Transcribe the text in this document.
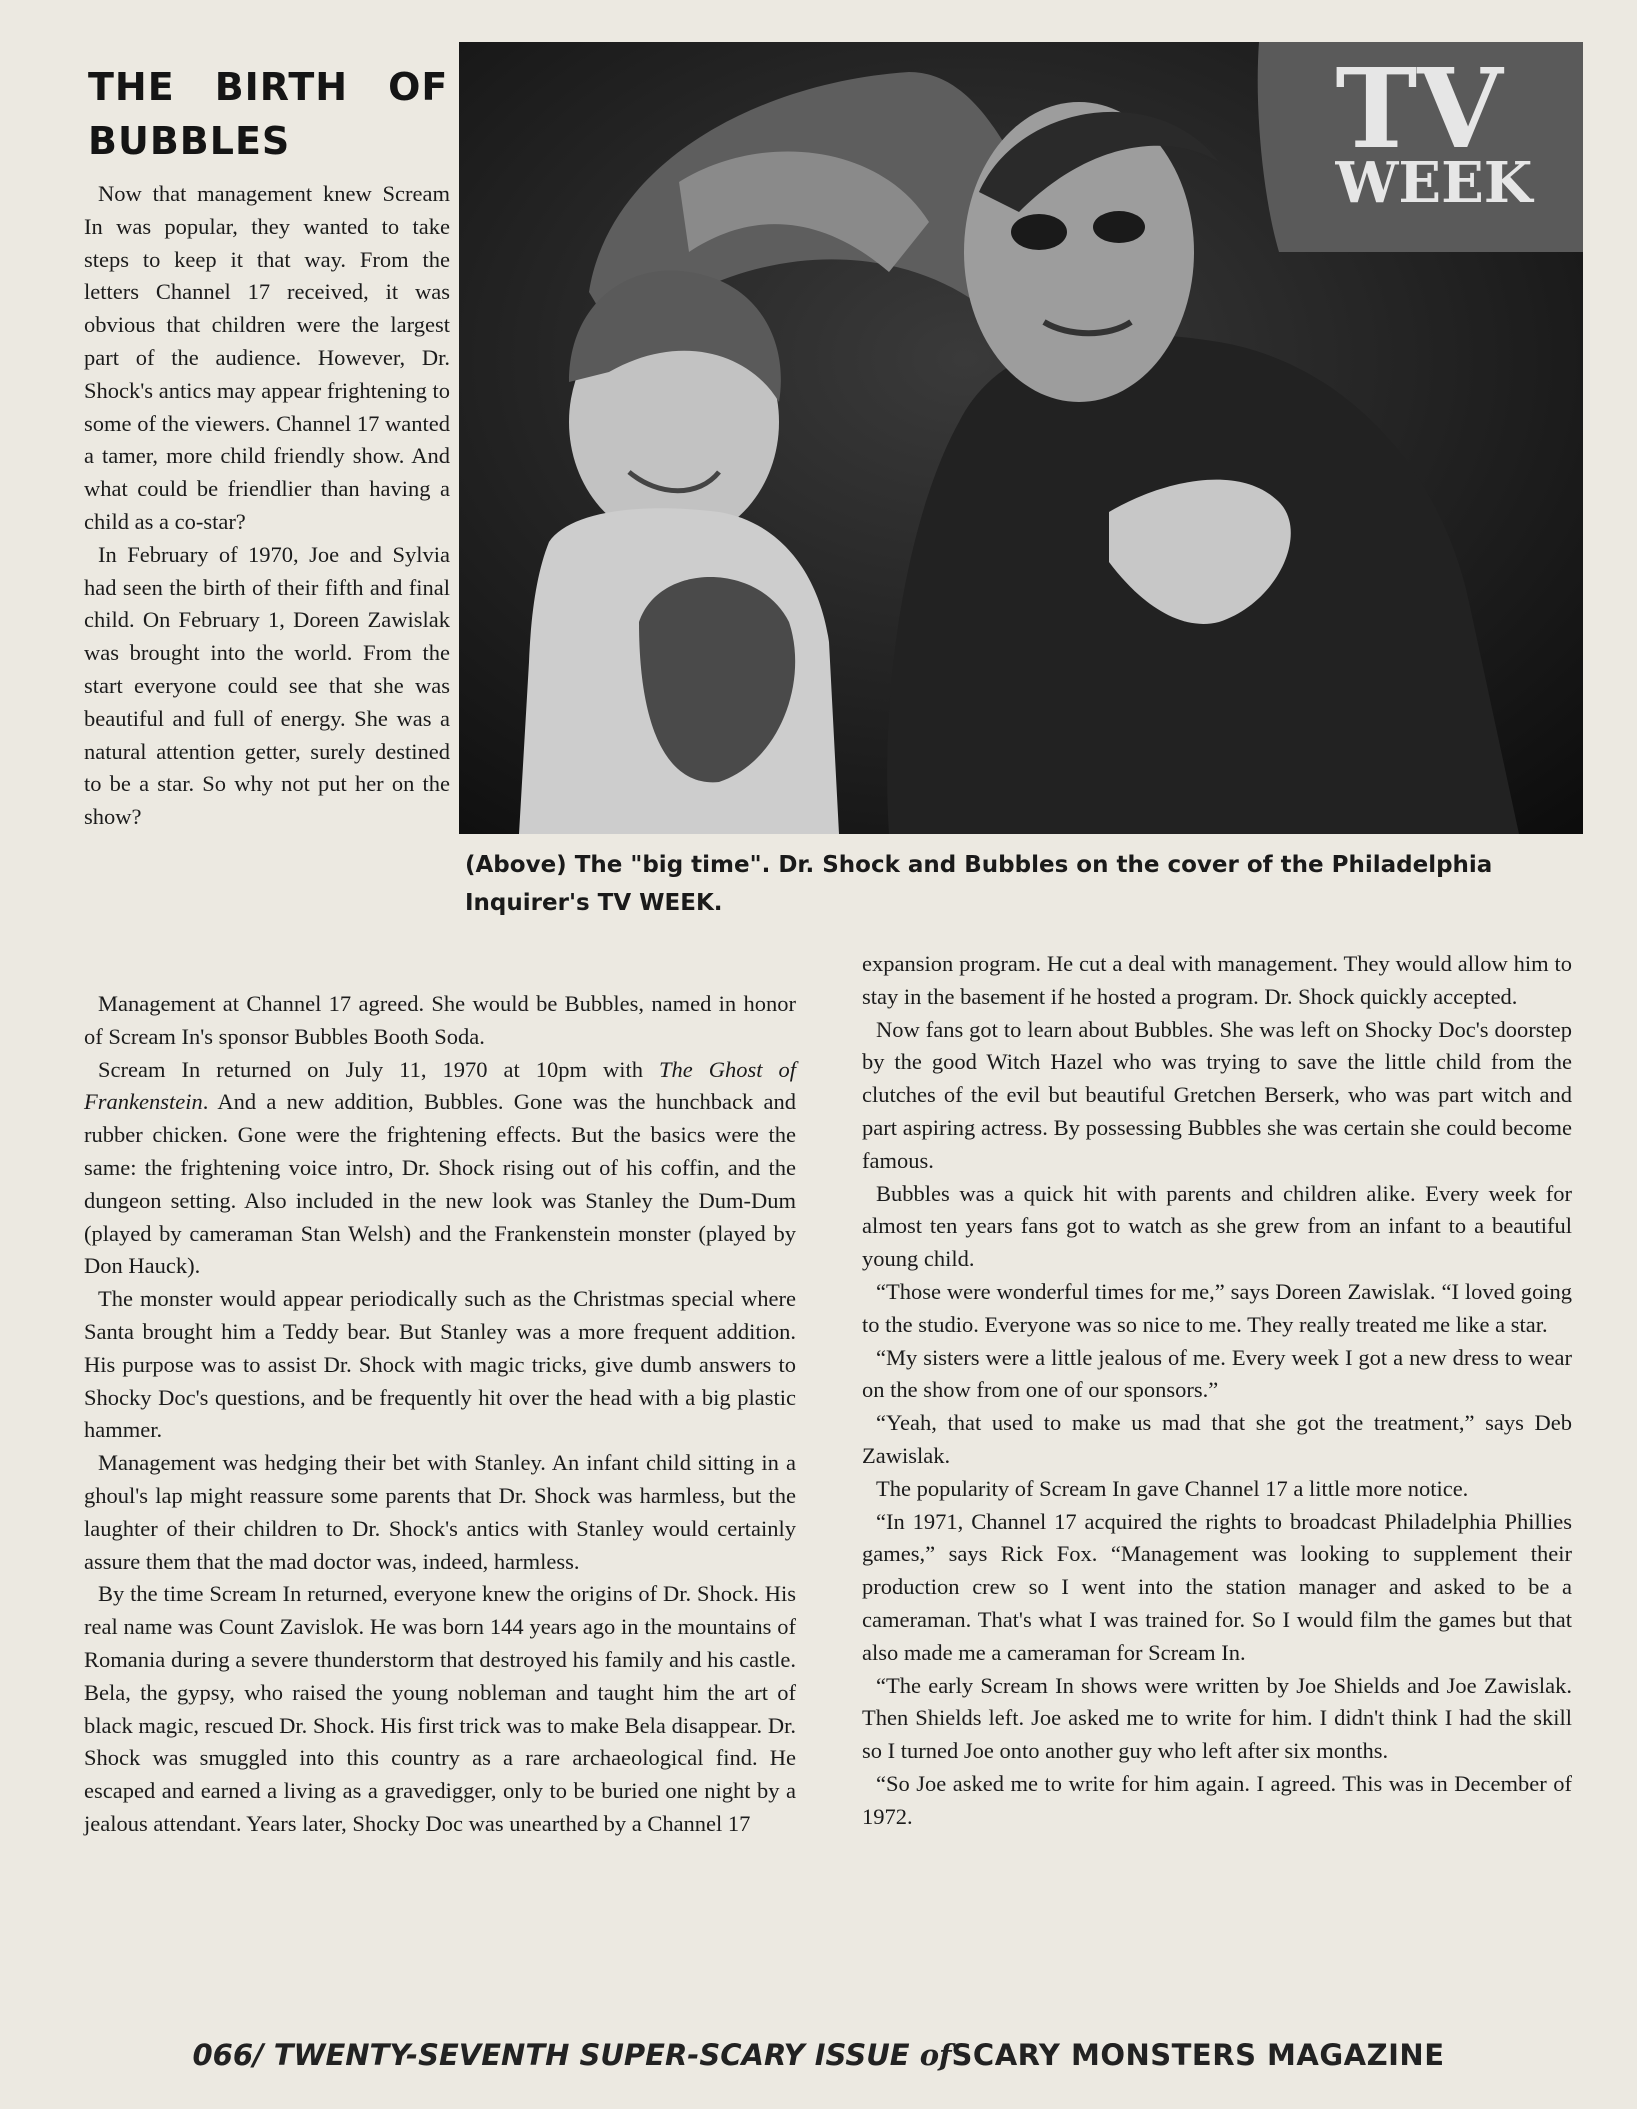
THE BIRTH OF
BUBBLES	TV
WEEK
(Above) The "big time". Dr. Shock and Bubbles on the cover of the Philadelphia Inquirer's TV WEEK.

Now that management knew Scream In was popular, they wanted to take steps to keep it that way. From the letters Channel 17 received, it was obvious that children were the largest part of the audience. However, Dr. Shock's antics may appear frightening to some of the viewers. Channel 17 wanted a tamer, more child friendly show. And what could be friendlier than having a child as a co-star?

In February of 1970, Joe and Sylvia had seen the birth of their fifth and final child. On February 1, Doreen Zawislak was brought into the world. From the start everyone could see that she was beautiful and full of energy. She was a natural attention getter, surely destined to be a star. So why not put her on the show?

Management at Channel 17 agreed. She would be Bubbles, named in honor of Scream In's sponsor Bubbles Booth Soda.

Scream In returned on July 11, 1970 at 10pm with The Ghost of Frankenstein. And a new addition, Bubbles. Gone was the hunchback and rubber chicken. Gone were the frightening effects. But the basics were the same: the frightening voice intro, Dr. Shock rising out of his coffin, and the dungeon setting. Also included in the new look was Stanley the Dum-Dum (played by cameraman Stan Welsh) and the Frankenstein monster (played by Don Hauck).

The monster would appear periodically such as the Christmas special where Santa brought him a Teddy bear. But Stanley was a more frequent addition. His purpose was to assist Dr. Shock with magic tricks, give dumb answers to Shocky Doc's questions, and be frequently hit over the head with a big plastic hammer.

Management was hedging their bet with Stanley. An infant child sitting in a ghoul's lap might reassure some parents that Dr. Shock was harmless, but the laughter of their children to Dr. Shock's antics with Stanley would certainly assure them that the mad doctor was, indeed, harmless.

By the time Scream In returned, everyone knew the origins of Dr. Shock. His real name was Count Zavislok. He was born 144 years ago in the mountains of Romania during a severe thunderstorm that destroyed his family and his castle. Bela, the gypsy, who raised the young nobleman and taught him the art of black magic, rescued Dr. Shock. His first trick was to make Bela disappear. Dr. Shock was smuggled into this country as a rare archaeological find. He escaped and earned a living as a gravedigger, only to be buried one night by a jealous attendant. Years later, Shocky Doc was unearthed by a Channel 17

expansion program. He cut a deal with management. They would allow him to stay in the basement if he hosted a program. Dr. Shock quickly accepted.

Now fans got to learn about Bubbles. She was left on Shocky Doc's doorstep by the good Witch Hazel who was trying to save the little child from the clutches of the evil but beautiful Gretchen Berserk, who was part witch and part aspiring actress. By possessing Bubbles she was certain she could become famous.

Bubbles was a quick hit with parents and children alike. Every week for almost ten years fans got to watch as she grew from an infant to a beautiful young child.

“Those were wonderful times for me,” says Doreen Zawislak. “I loved going to the studio. Everyone was so nice to me. They really treated me like a star.

“My sisters were a little jealous of me. Every week I got a new dress to wear on the show from one of our sponsors.”

“Yeah, that used to make us mad that she got the treatment,” says Deb Zawislak.

The popularity of Scream In gave Channel 17 a little more notice.

“In 1971, Channel 17 acquired the rights to broadcast Philadelphia Phillies games,” says Rick Fox. “Management was looking to supplement their production crew so I went into the station manager and asked to be a cameraman. That's what I was trained for. So I would film the games but that also made me a cameraman for Scream In.

“The early Scream In shows were written by Joe Shields and Joe Zawislak. Then Shields left. Joe asked me to write for him. I didn't think I had the skill so I turned Joe onto another guy who left after six months.

“So Joe asked me to write for him again. I agreed. This was in December of 1972.

066/ TWENTY-SEVENTH SUPER-SCARY ISSUE ofSCARY MONSTERS MAGAZINE
